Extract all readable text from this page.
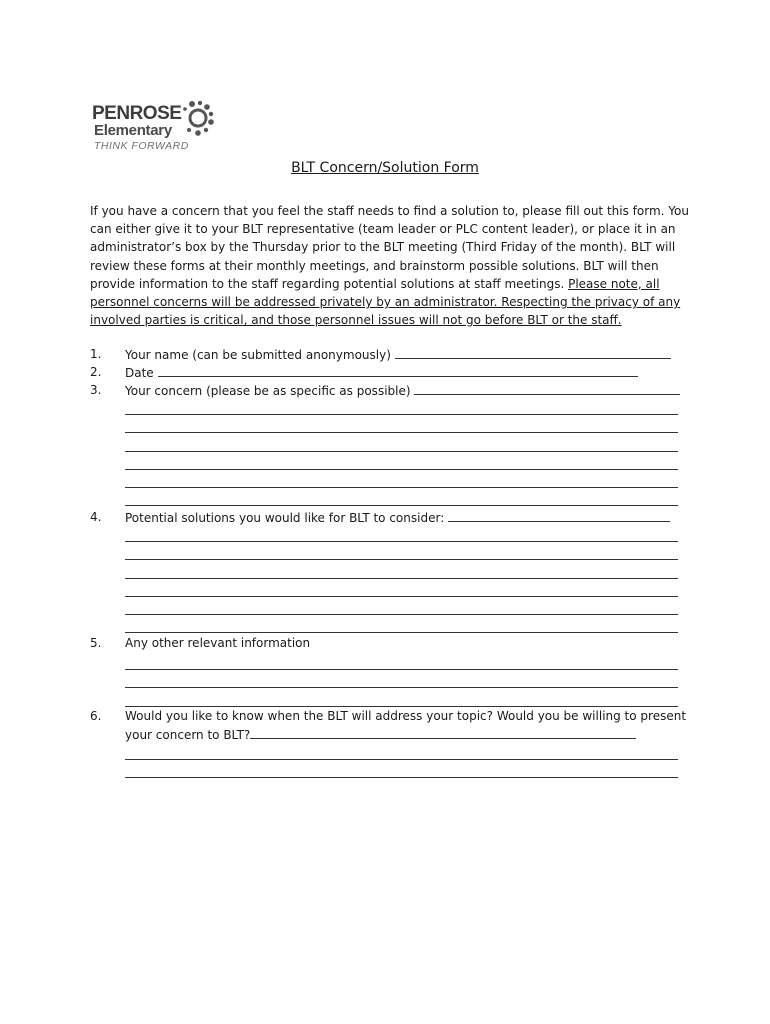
PENROSE
Elementary
THINK FORWARD
BLT Concern/Solution Form

If you have a concern that you feel the staff needs to find a solution to, please fill out this form. You can either give it to your BLT representative (team leader or PLC content leader), or place it in an administrator’s box by the Thursday prior to the BLT meeting (Third Friday of the month). BLT will review these forms at their monthly meetings, and brainstorm possible solutions. BLT will then provide information to the staff regarding potential solutions at staff meetings. Please note, all personnel concerns will be addressed privately by an administrator. Respecting the privacy of any involved parties is critical, and those personnel issues will not go before BLT or the staff.

1. Your name (can be submitted anonymously)
2. Date
3. Your concern (please be as specific as possible)
4. Potential solutions you would like for BLT to consider:
5. Any other relevant information
6. Would you like to know when the BLT will address your topic? Would you be willing to present
your concern to BLT?
